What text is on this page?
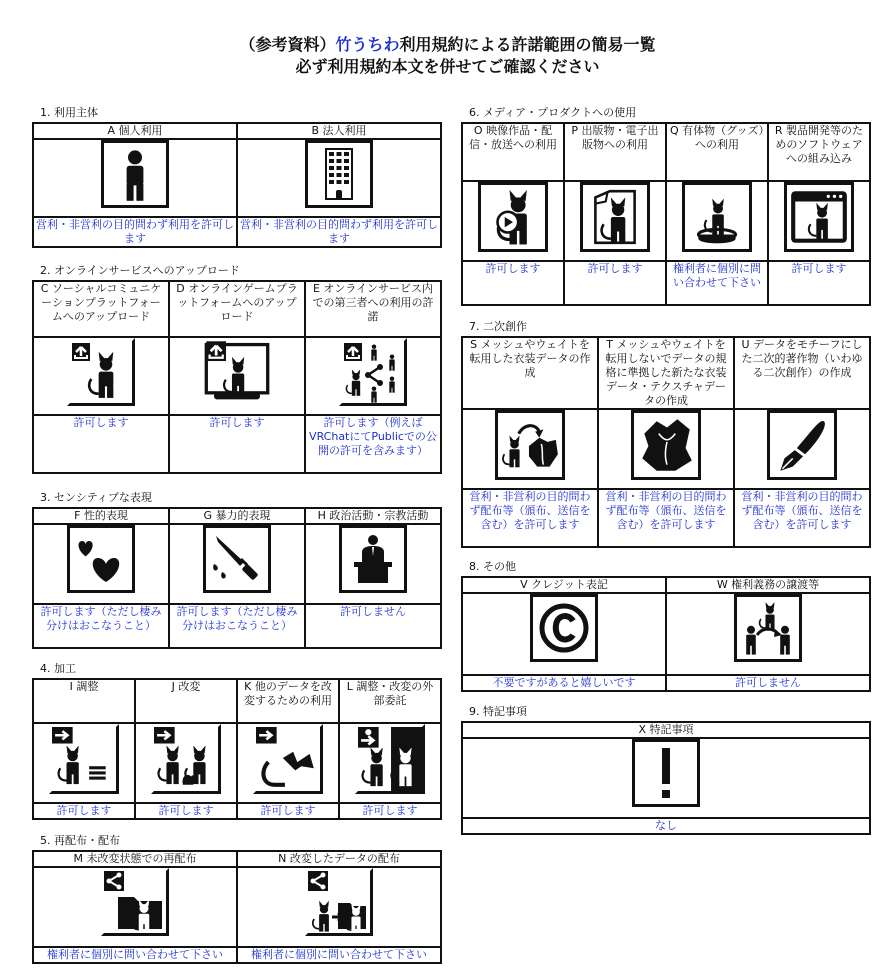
（参考資料）竹うちわ利用規約による許諾範囲の簡易一覧
必ず利用規約本文を併せてご確認ください
1. 利用主体
A 個人利用	B 法人利用

営利・非営利の目的問わず利用を許可します	営利・非営利の目的問わず利用を許可します
2. オンラインサービスへのアップロード
C ソーシャルコミュニケーションプラットフォームへのアップロード	D オンラインゲームプラットフォームへのアップロード	E オンラインサービス内での第三者への利用の許諾

許可します	許可します	許可します（例えばVRChatにてPublicでの公開の許可を含みます）
3. センシティブな表現
F 性的表現	G 暴力的表現	H 政治活動・宗教活動

許可します（ただし棲み分けはおこなうこと）	許可します（ただし棲み分けはおこなうこと）	許可しません
4. 加工
I 調整	J 改変	K 他のデータを改変するための利用	L 調整・改変の外部委託

許可します	許可します	許可します	許可します
5. 再配布・配布
M 未改変状態での再配布	N 改変したデータの配布

権利者に個別に問い合わせて下さい	権利者に個別に問い合わせて下さい
6. メディア・プロダクトへの使用
O 映像作品・配信・放送への利用	P 出版物・電子出版物への利用	Q 有体物（グッズ）への利用	R 製品開発等のためのソフトウェアへの組み込み

許可します	許可します	権利者に個別に問い合わせて下さい	許可します
7. 二次創作
S メッシュやウェイトを転用した衣装データの作成	T メッシュやウェイトを転用しないでデータの規格に準拠した新たな衣装データ・テクスチャデータの作成	U データをモチーフにした二次的著作物（いわゆる二次創作）の作成

営利・非営利の目的問わず配布等（頒布、送信を含む）を許可します	営利・非営利の目的問わず配布等（頒布、送信を含む）を許可します	営利・非営利の目的問わず配布等（頒布、送信を含む）を許可します
8. その他
V クレジット表記	W 権利義務の譲渡等

不要ですがあると嬉しいです	許可しません
9. 特記事項
X 特記事項

なし
